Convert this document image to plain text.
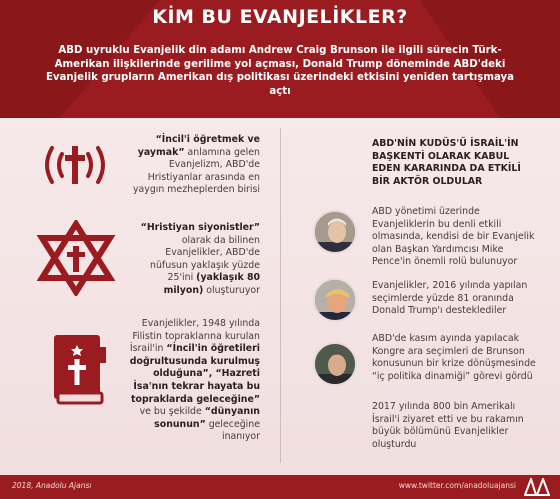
KİM BU EVANJELİKLER?
ABD uyruklu Evanjelik din adamı Andrew Craig Brunson ile ilgili sürecin Türk-Amerikan ilişkilerinde gerilime yol açması, Donald Trump döneminde ABD'deki Evanjelik grupların Amerikan dış politikası üzerindeki etkisini yeniden tartışmaya açtı
“İncil'i öğretmek ve yaymak” anlamına gelen Evanjelizm, ABD'de Hristiyanlar arasında en yaygın mezheplerden birisi
“Hristiyan siyonistler” olarak da bilinen Evanjelikler, ABD'de nüfusun yaklaşık yüzde 25'ini (yaklaşık 80 milyon) oluşturuyor
Evanjelikler, 1948 yılında Filistin topraklarına kurulan İsrail'in “İncil'in öğretileri doğrultusunda kurulmuş olduğuna”, “Hazreti İsa'nın tekrar hayata bu topraklarda geleceğine” ve bu şekilde “dünyanın sonunun” geleceğine inanıyor
ABD'NİN KUDÜS'Ü İSRAİL'İN BAŞKENTİ OLARAK KABUL EDEN KARARINDA DA ETKİLİ BİR AKTÖR OLDULAR
ABD yönetimi üzerinde Evanjeliklerin bu denli etkili olmasında, kendisi de bir Evanjelik olan Başkan Yardımcısı Mike Pence'in önemli rolü bulunuyor
Evanjelikler, 2016 yılında yapılan seçimlerde yüzde 81 oranında Donald Trump'ı desteklediler
ABD'de kasım ayında yapılacak Kongre ara seçimleri de Brunson konusunun bir krize dönüşmesinde “iç politika dinamiği” görevi gördü
2017 yılında 800 bin Amerikalı İsrail'i ziyaret etti ve bu rakamın büyük bölümünü Evanjelikler oluşturdu
2018, Anadolu Ajansı	www.twitter.com/anadoluajansi
